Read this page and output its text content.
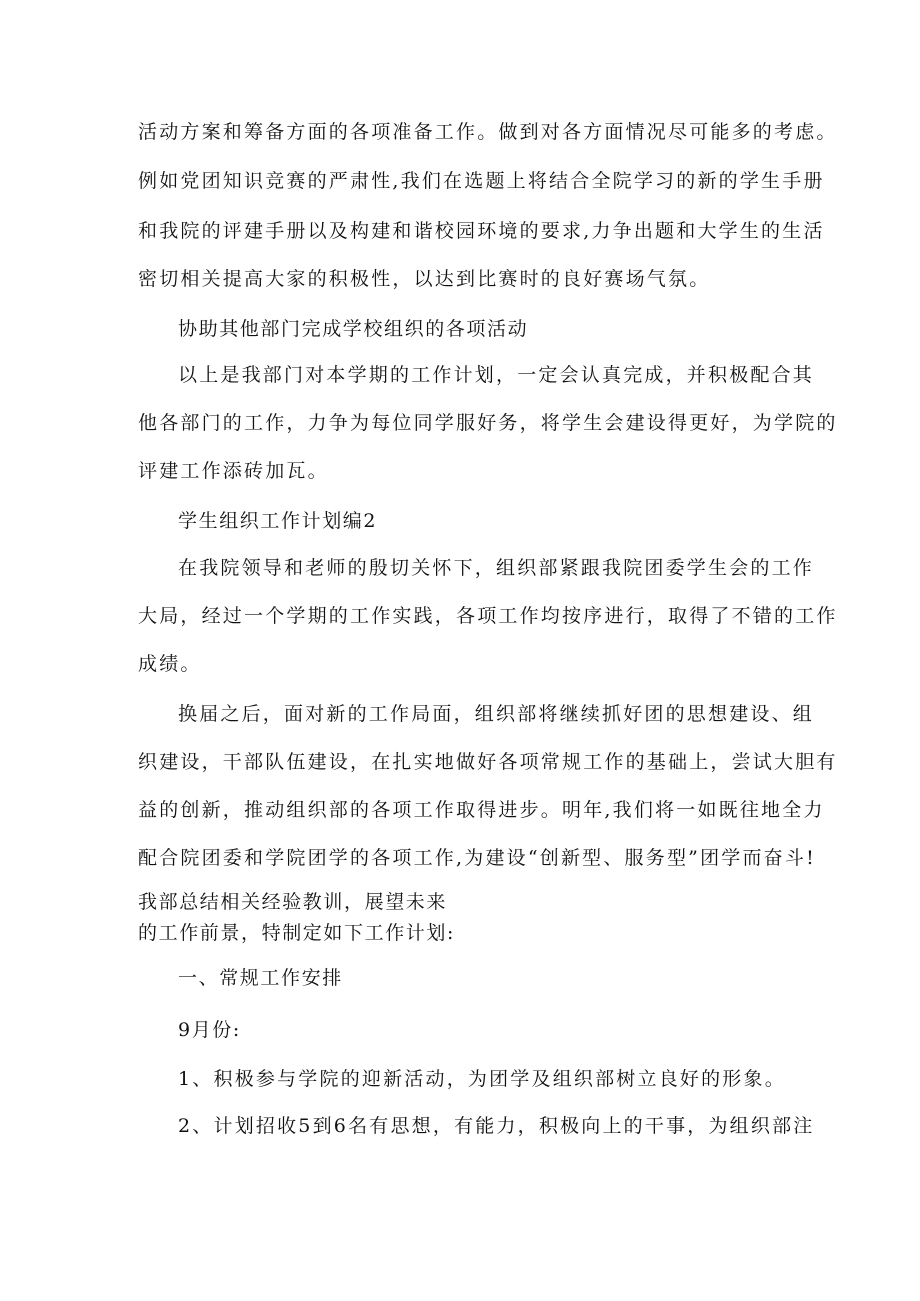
活动方案和筹备方面的各项准备工作。做到对各方面情况尽可能多的考虑。
例如党团知识竞赛的严肃性,我们在选题上将结合全院学习的新的学生手册
和我院的评建手册以及构建和谐校园环境的要求,力争出题和大学生的生活
密切相关提高大家的积极性，以达到比赛时的良好赛场气氛。
协助其他部门完成学校组织的各项活动
以上是我部门对本学期的工作计划，一定会认真完成，并积极配合其
他各部门的工作，力争为每位同学服好务，将学生会建设得更好，为学院的
评建工作添砖加瓦。
学生组织工作计划编2
在我院领导和老师的殷切关怀下，组织部紧跟我院团委学生会的工作
大局，经过一个学期的工作实践，各项工作均按序进行，取得了不错的工作
成绩。
换届之后，面对新的工作局面，组织部将继续抓好团的思想建设、组
织建设，干部队伍建设，在扎实地做好各项常规工作的基础上，尝试大胆有
益的创新，推动组织部的各项工作取得进步。明年,我们将一如既往地全力
配合院团委和学院团学的各项工作,为建设“创新型、服务型”团学而奋斗!
我部总结相关经验教训，展望未来
的工作前景，特制定如下工作计划:
一、常规工作安排
9月份:
1、积极参与学院的迎新活动，为团学及组织部树立良好的形象。
2、计划招收5到6名有思想，有能力，积极向上的干事，为组织部注
